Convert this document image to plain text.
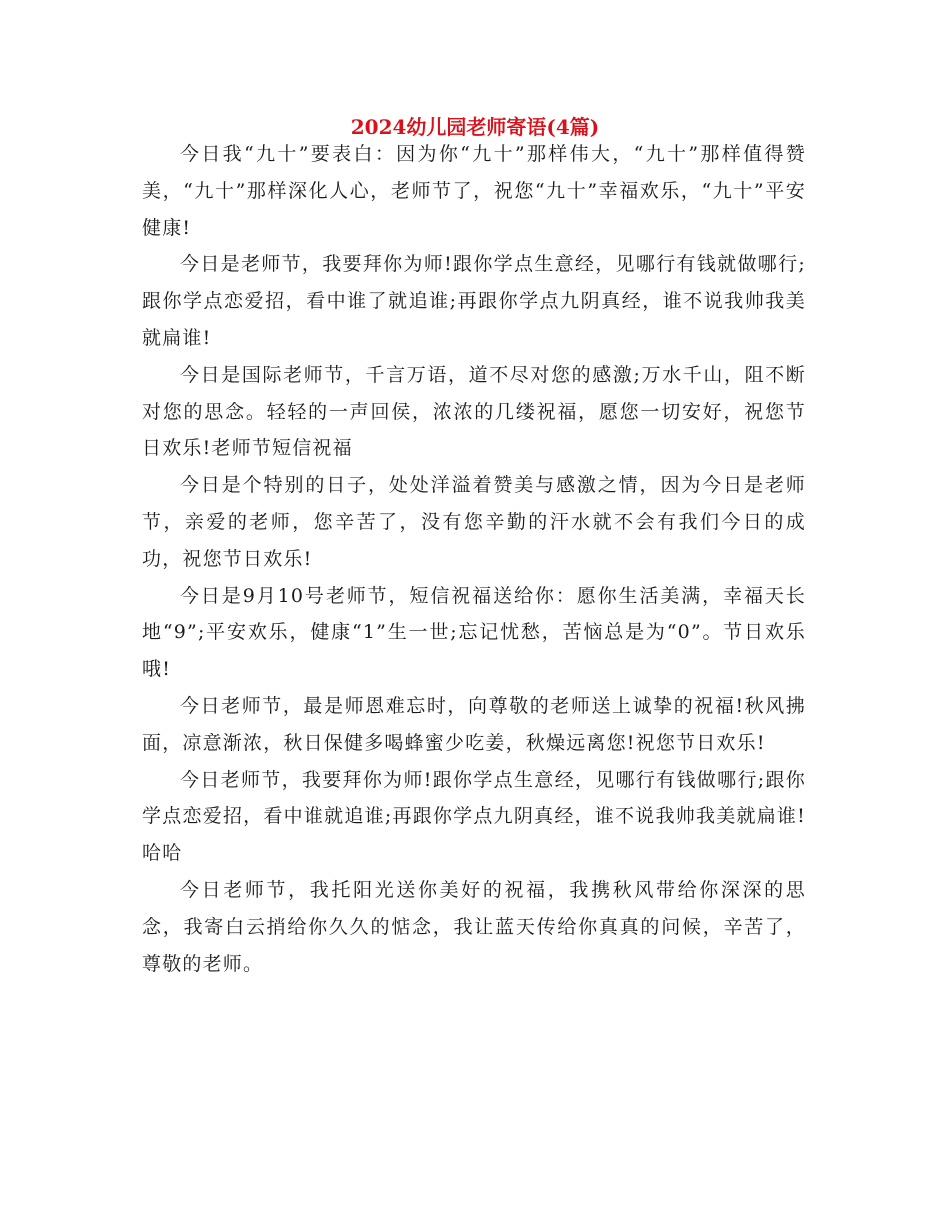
2024幼儿园老师寄语(4篇)

今日我“九十”要表白：因为你“九十”那样伟大，“九十”那样值得赞美，“九十”那样深化人心，老师节了，祝您“九十”幸福欢乐，“九十”平安健康!

今日是老师节，我要拜你为师!跟你学点生意经，见哪行有钱就做哪行;跟你学点恋爱招，看中谁了就追谁;再跟你学点九阴真经，谁不说我帅我美就扁谁!

今日是国际老师节，千言万语，道不尽对您的感激;万水千山，阻不断对您的思念。轻轻的一声回侯，浓浓的几缕祝福，愿您一切安好，祝您节日欢乐!老师节短信祝福

今日是个特别的日子，处处洋溢着赞美与感激之情，因为今日是老师节，亲爱的老师，您辛苦了，没有您辛勤的汗水就不会有我们今日的成功，祝您节日欢乐!

今日是9月10号老师节，短信祝福送给你：愿你生活美满，幸福天长地“9”;平安欢乐，健康“1”生一世;忘记忧愁，苦恼总是为“0”。节日欢乐哦!

今日老师节，最是师恩难忘时，向尊敬的老师送上诚挚的祝福!秋风拂面，凉意渐浓，秋日保健多喝蜂蜜少吃姜，秋燥远离您!祝您节日欢乐!

今日老师节，我要拜你为师!跟你学点生意经，见哪行有钱做哪行;跟你学点恋爱招，看中谁就追谁;再跟你学点九阴真经，谁不说我帅我美就扁谁!哈哈

今日老师节，我托阳光送你美好的祝福，我携秋风带给你深深的思念，我寄白云捎给你久久的惦念，我让蓝天传给你真真的问候，辛苦了，尊敬的老师。
